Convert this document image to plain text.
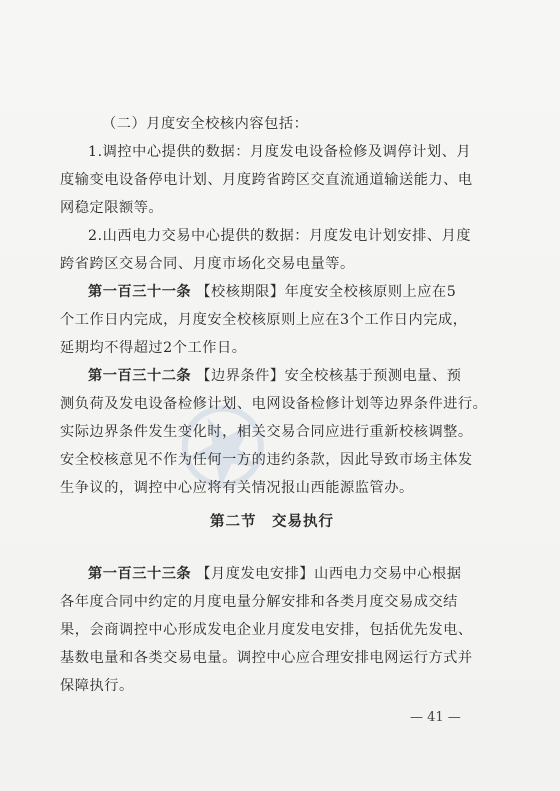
（二）月度安全校核内容包括：
1.调控中心提供的数据：月度发电设备检修及调停计划、月
度输变电设备停电计划、月度跨省跨区交直流通道输送能力、电
网稳定限额等。
2.山西电力交易中心提供的数据：月度发电计划安排、月度
跨省跨区交易合同、月度市场化交易电量等。
第一百三十一条 【校核期限】年度安全校核原则上应在5
个工作日内完成，月度安全校核原则上应在3个工作日内完成，
延期均不得超过2个工作日。
第一百三十二条 【边界条件】安全校核基于预测电量、预
测负荷及发电设备检修计划、电网设备检修计划等边界条件进行。
实际边界条件发生变化时，相关交易合同应进行重新校核调整。
安全校核意见不作为任何一方的违约条款，因此导致市场主体发
生争议的，调控中心应将有关情况报山西能源监管办。
第二节　交易执行
第一百三十三条 【月度发电安排】山西电力交易中心根据
各年度合同中约定的月度电量分解安排和各类月度交易成交结
果，会商调控中心形成发电企业月度发电安排，包括优先发电、
基数电量和各类交易电量。调控中心应合理安排电网运行方式并
保障执行。
— 41 —
